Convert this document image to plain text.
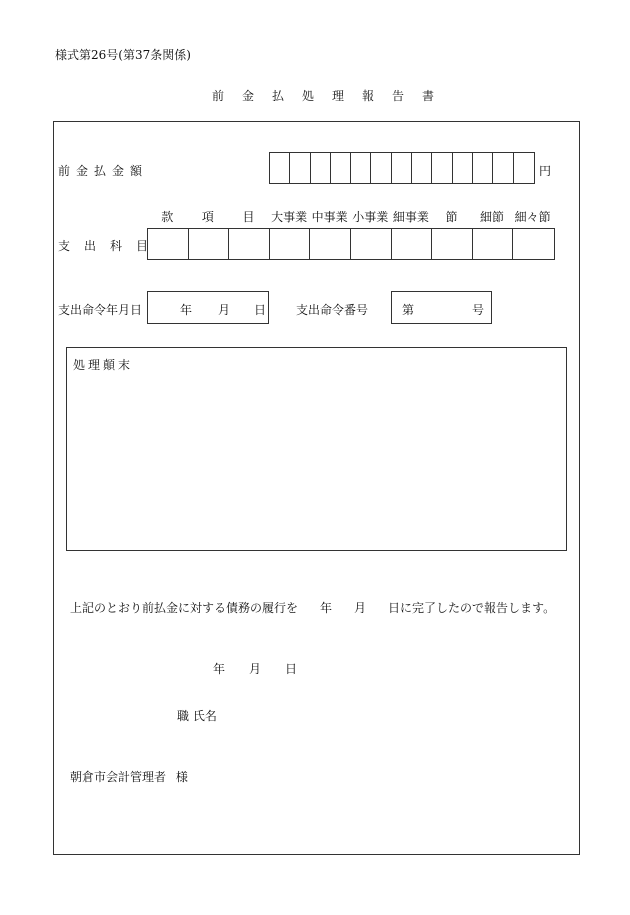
様式第26号(第37条関係)
前金払処理報告書
前金払金額	円
款	項	目	大事業 中事業 小事業 細事業	節	細節 細々節
支出科目
支出命令年月日	年 月 日 支出命令番号	第	号
処理顛末
上記のとおり前払金に対する債務の履行を 年 月 日に完了したので報告します。
年 月 日
職 氏名
朝倉市会計管理者 様
